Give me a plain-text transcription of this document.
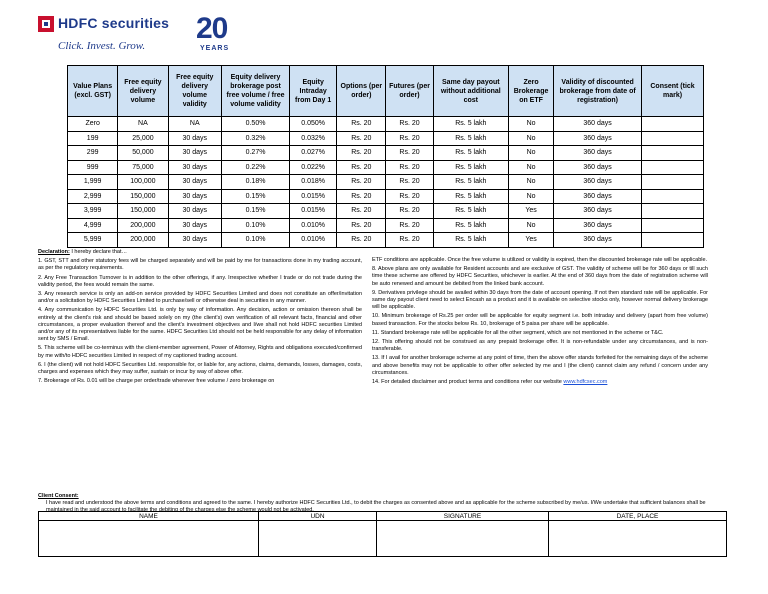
HDFC securities
Click. Invest. Grow.
20
YEARS
Value Plans (excl. GST)	Free equity delivery volume	Free equity delivery volume validity	Equity delivery brokerage post free volume / free volume validity	Equity Intraday from Day 1	Options (per order)	Futures (per order)	Same day payout without additional cost	Zero Brokerage on ETF	Validity of discounted brokerage from date of registration)	Consent (tick mark)
Zero	NA	NA	0.50%	0.050%	Rs. 20	Rs. 20	Rs. 5 lakh	No	360 days	
199	25,000	30 days	0.32%	0.032%	Rs. 20	Rs. 20	Rs. 5 lakh	No	360 days	
299	50,000	30 days	0.27%	0.027%	Rs. 20	Rs. 20	Rs. 5 lakh	No	360 days	
999	75,000	30 days	0.22%	0.022%	Rs. 20	Rs. 20	Rs. 5 lakh	No	360 days	
1,999	100,000	30 days	0.18%	0.018%	Rs. 20	Rs. 20	Rs. 5 lakh	No	360 days	
2,999	150,000	30 days	0.15%	0.015%	Rs. 20	Rs. 20	Rs. 5 lakh	No	360 days	
3,999	150,000	30 days	0.15%	0.015%	Rs. 20	Rs. 20	Rs. 5 lakh	Yes	360 days	
4,999	200,000	30 days	0.10%	0.010%	Rs. 20	Rs. 20	Rs. 5 lakh	No	360 days	
5,999	200,000	30 days	0.10%	0.010%	Rs. 20	Rs. 20	Rs. 5 lakh	Yes	360 days	
Declaration: I hereby declare that…

1. GST, STT and other statutory fees will be charged separately and will be paid by me for transactions done in my trading account, as per the regulatory requirements.

2. Any Free Transaction Turnover is in addition to the other offerings, if any. Irrespective whether I trade or do not trade during the validity period, the fees would remain the same.

3. Any research service is only an add-on service provided by HDFC Securities Limited and does not constitute an offer/invitation and/or a solicitation by HDFC Securities Limited to purchase/sell or otherwise deal in securities in any manner.

4. Any communication by HDFC Securities Ltd. is only by way of information. Any decision, action or omission thereon shall be entirely at the client's risk and should be based solely on my (the client's) own verification of all relevant facts, financial and other circumstances, a proper evaluation thereof and the client's investment objectives and I/we shall not hold HDFC securities Limited and/or any of its representatives liable for the same. HDFC Securities Ltd should not be held responsible for any delay of information sent by SMS / Email.

5. This scheme will be co-terminus with the client-member agreement, Power of Attorney, Rights and obligations executed/confirmed by me with/to HDFC securities Limited in respect of my captioned trading account.

6. I (the client) will not hold HDFC Securities Ltd. responsible for, or liable for, any actions, claims, demands, losses, damages, costs, charges and expenses which they may suffer, sustain or incur by way of above offer.

7. Brokerage of Rs. 0.01 will be charge per order/trade wherever free volume / zero brokerage on

ETF conditions are applicable. Once the free volume is utilized or validity is expired, then the discounted brokerage rate will be applicable.

8. Above plans are only available for Resident accounts and are exclusive of GST. The validity of scheme will be for 360 days or till such time these scheme are offered by HDFC Securities, whichever is earlier. At the end of 360 days from the date of registration scheme will be auto renewed and amount be debited from the linked bank account.

9. Derivatives privilege should be availed within 30 days from the date of account opening. If not then standard rate will be applicable. For same day payout client need to select Encash as a product and it is available on selective stocks only, however normal delivery brokerage will be applicable.

10. Minimum brokerage of Rs.25 per order will be applicable for equity segment i.e. both intraday and delivery (apart from free volume) based transaction. For the stocks below Rs. 10, brokerage of 5 paisa per share will be applicable.

11. Standard brokerage rate will be applicable for all the other segment, which are not mentioned in the scheme or T&C.

12. This offering should not be construed as any prepaid brokerage offer. It is non-refundable under any circumstances, and is non-transferable.

13. If I avail for another brokerage scheme at any point of time, then the above offer stands forfeited for the remaining days of the scheme and above benefits may not be applicable to other offer selected by me and I (the client) cannot claim any refund / concern under any circumstances.

14. For detailed disclaimer and product terms and conditions refer our website www.hdfcsec.com

Client Consent:
I have read and understood the above terms and conditions and agreed to the same. I hereby authorize HDFC Securities Ltd., to debit the charges as consented above and as applicable for the scheme subscribed by me/us. I/We undertake that sufficient balances shall be maintained in the said account to facilitate the debiting of the charges else the scheme would not be activated.
NAME	UDN	SIGNATURE	DATE, PLACE
